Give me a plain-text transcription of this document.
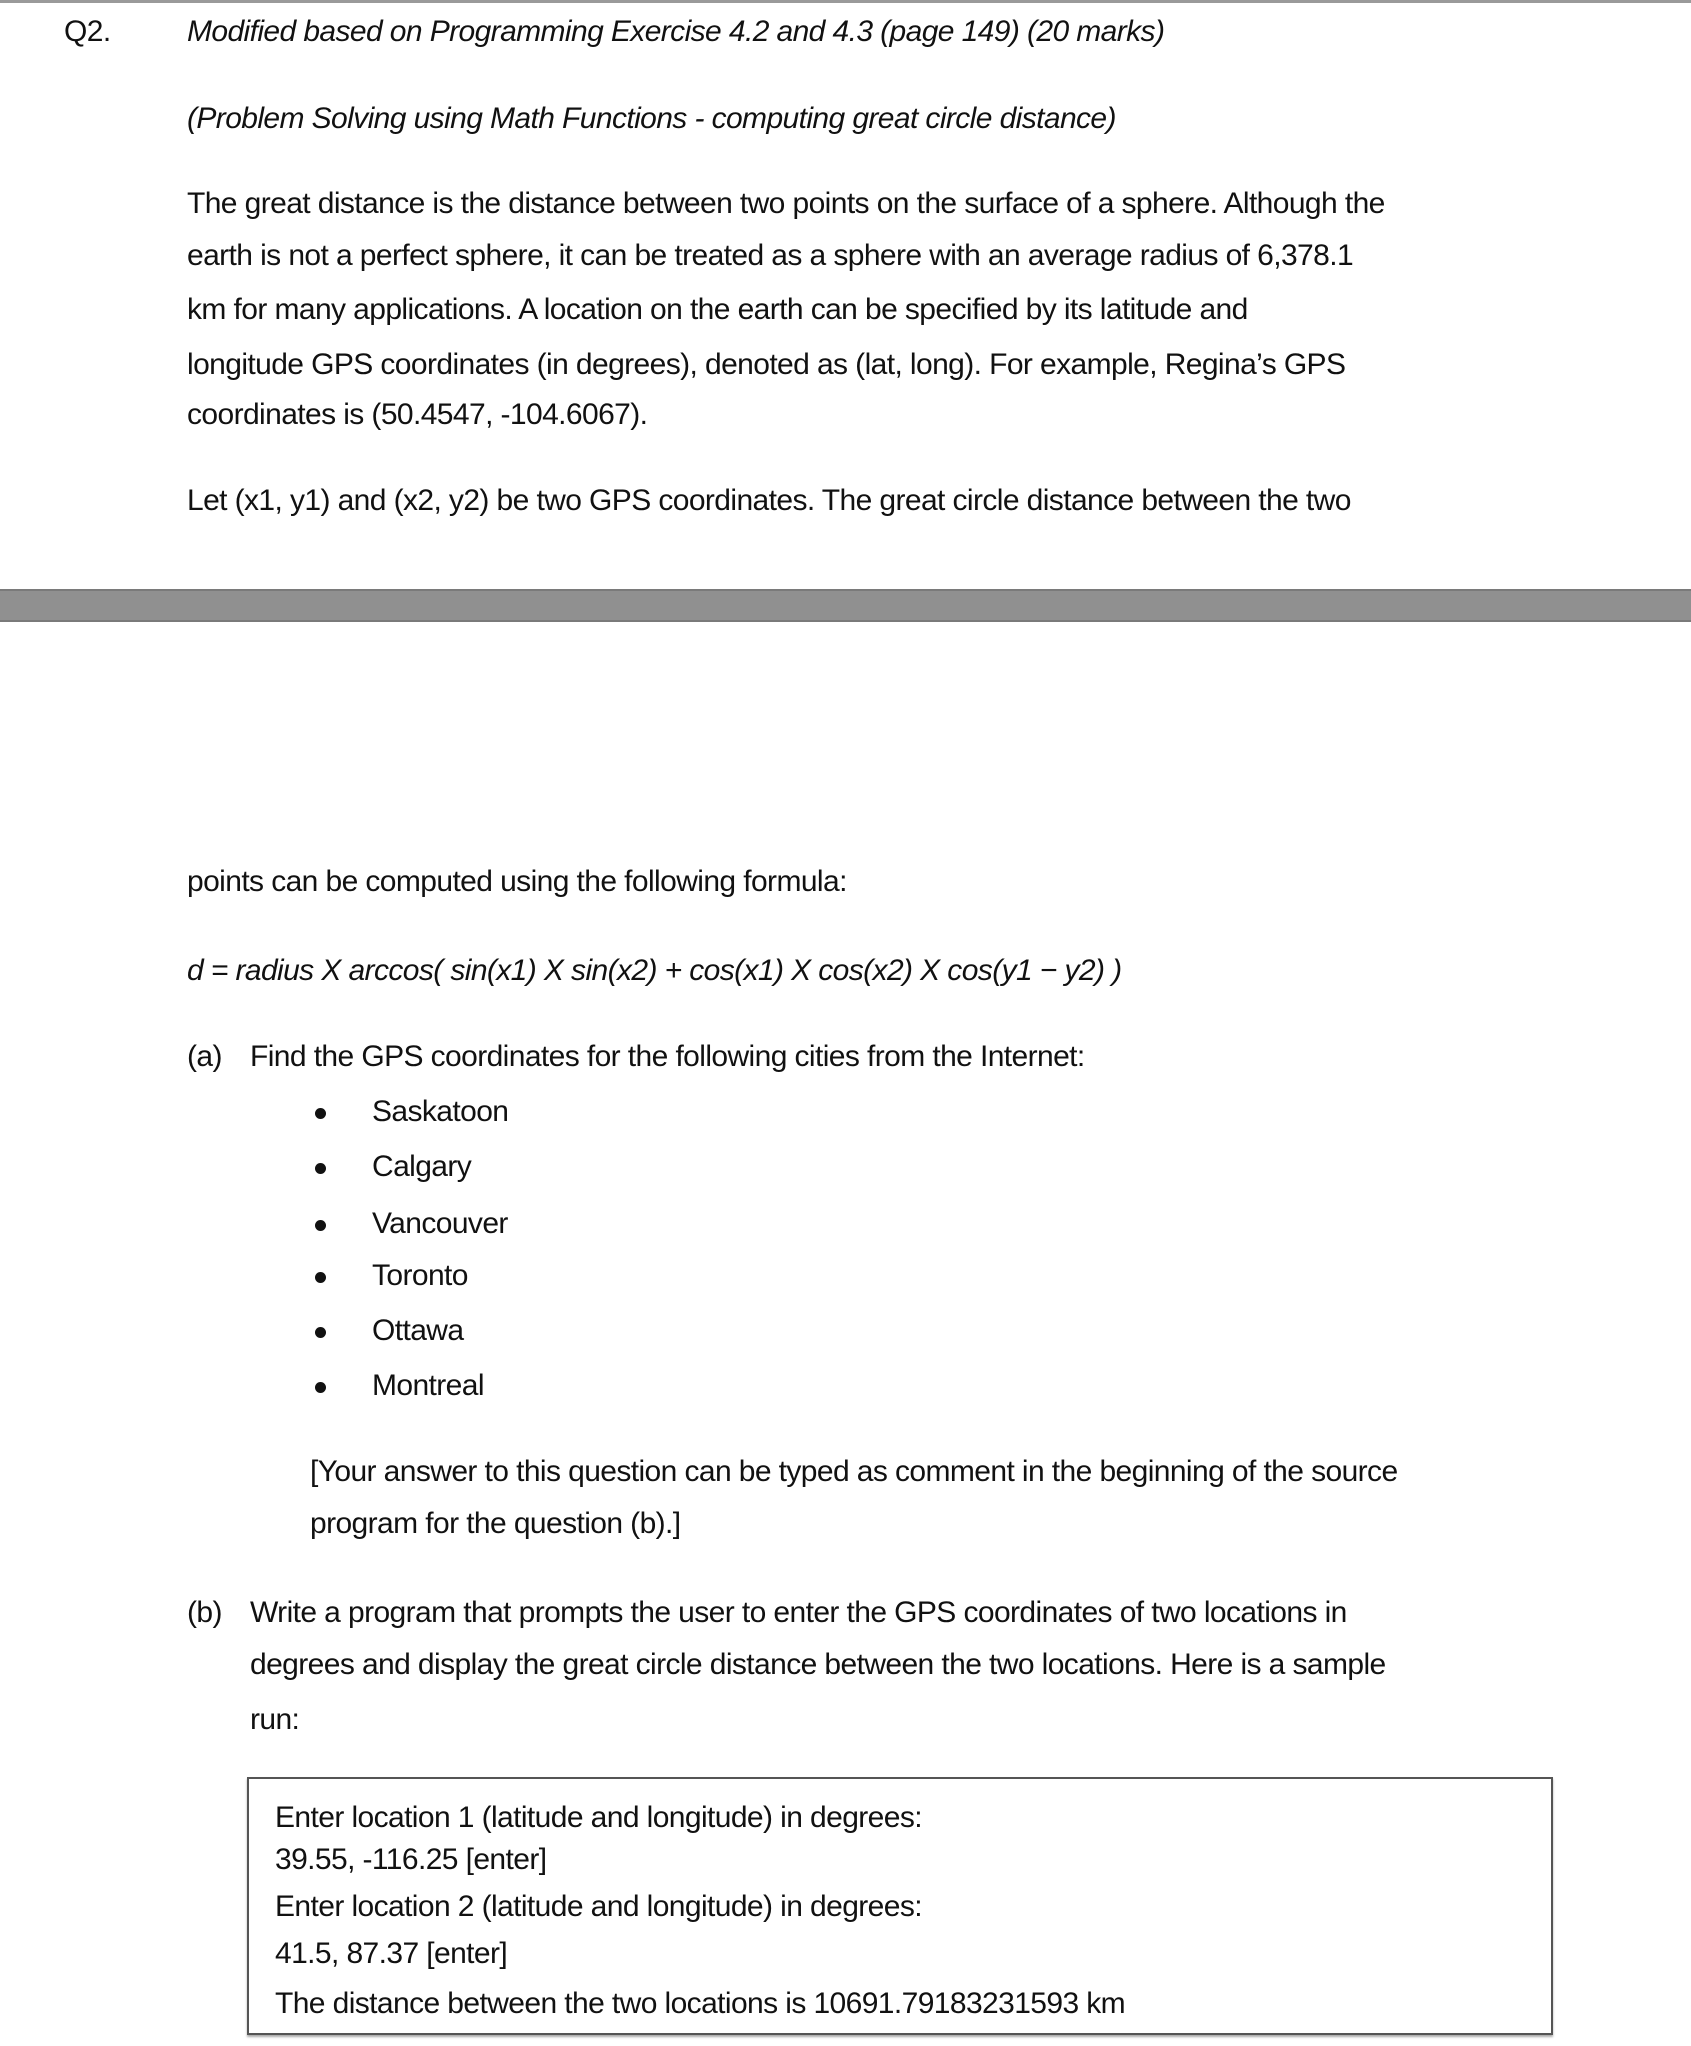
Q2.	Modified based on Programming Exercise 4.2 and 4.3 (page 149) (20 marks)
(Problem Solving using Math Functions - computing great circle distance)
The great distance is the distance between two points on the surface of a sphere. Although the
earth is not a perfect sphere, it can be treated as a sphere with an average radius of 6,378.1
km for many applications. A location on the earth can be specified by its latitude and
longitude GPS coordinates (in degrees), denoted as (lat, long). For example, Regina’s GPS
coordinates is (50.4547, -104.6067).
Let (x1, y1) and (x2, y2) be two GPS coordinates. The great circle distance between the two
points can be computed using the following formula:
d = radius X arccos( sin(x1) X sin(x2) + cos(x1) X cos(x2) X cos(y1 − y2) )
(a) Find the GPS coordinates for the following cities from the Internet:
Saskatoon
Calgary
Vancouver
Toronto
Ottawa
Montreal
[Your answer to this question can be typed as comment in the beginning of the source
program for the question (b).]
(b) Write a program that prompts the user to enter the GPS coordinates of two locations in
degrees and display the great circle distance between the two locations. Here is a sample
run:
Enter location 1 (latitude and longitude) in degrees:
39.55, -116.25 [enter]
Enter location 2 (latitude and longitude) in degrees:
41.5, 87.37 [enter]
The distance between the two locations is 10691.79183231593 km
